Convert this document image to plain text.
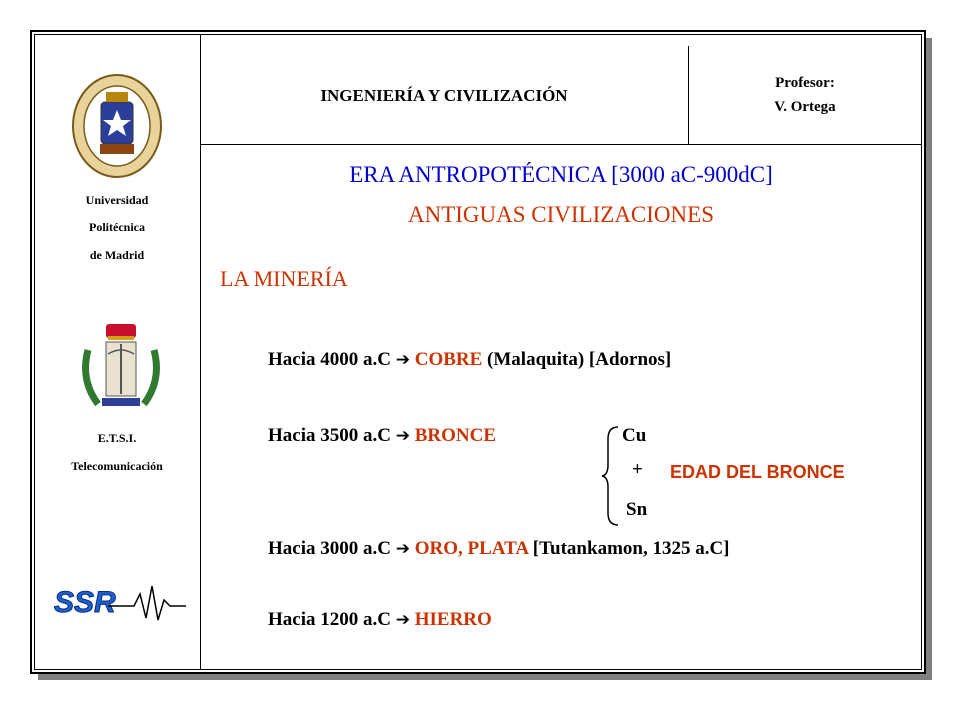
Universidad
Politécnica
de Madrid
E.T.S.I.
Telecomunicación
SSR
INGENIERÍA Y CIVILIZACIÓN
Profesor:
V. Ortega
ERA ANTROPOTÉCNICA [3000 aC-900dC]
ANTIGUAS CIVILIZACIONES
LA MINERÍA
Hacia 4000 a.C ➔ COBRE (Malaquita) [Adornos]
Hacia 3500 a.C ➔ BRONCE	Cu
+ EDAD DEL BRONCE
Sn
Hacia 3000 a.C ➔ ORO, PLATA [Tutankamon, 1325 a.C]
Hacia 1200 a.C ➔ HIERRO
